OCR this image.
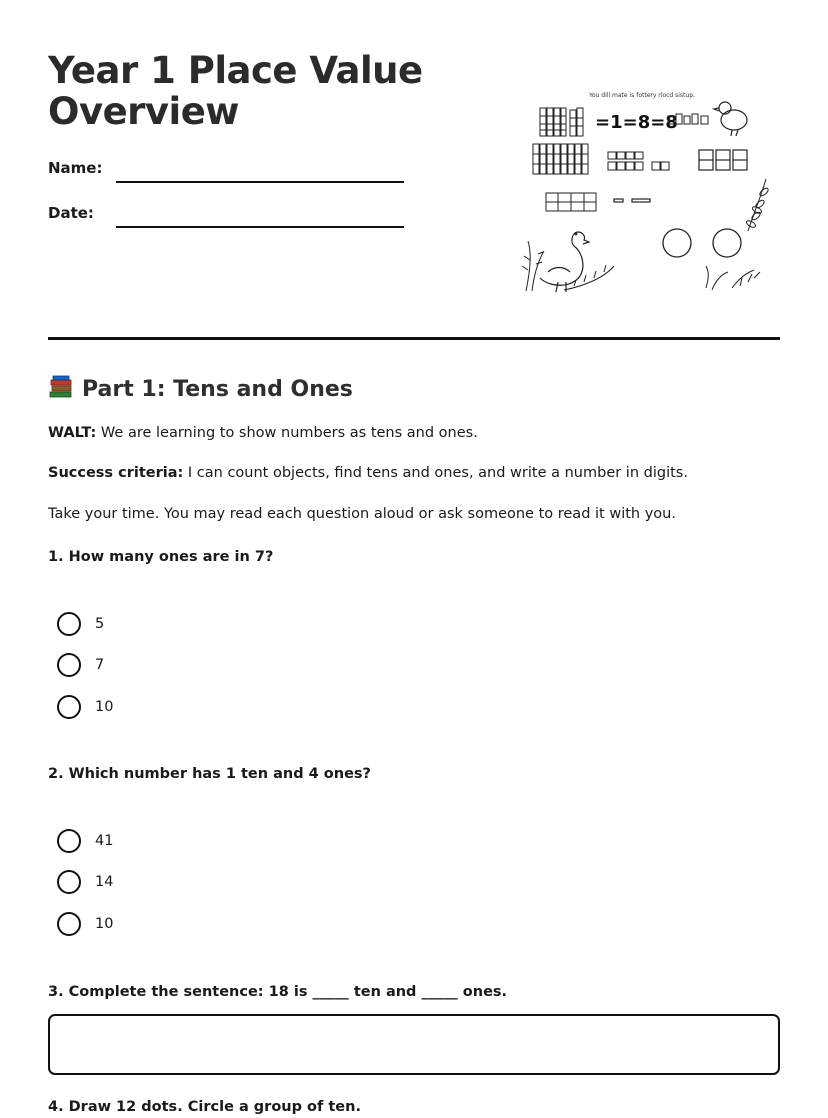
Year 1 Place Value
Overview
Name:
Date:
You dill mate is fottery rlocd sistup.
=1=8=8
Part 1: Tens and Ones

WALT: We are learning to show numbers as tens and ones.

Success criteria: I can count objects, find tens and ones, and write a number in digits.

Take your time. You may read each question aloud or ask someone to read it with you.

1. How many ones are in 7?

5
7
10

2. Which number has 1 ten and 4 ones?

41
14
10

3. Complete the sentence: 18 is _____ ten and _____ ones.

4. Draw 12 dots. Circle a group of ten.
